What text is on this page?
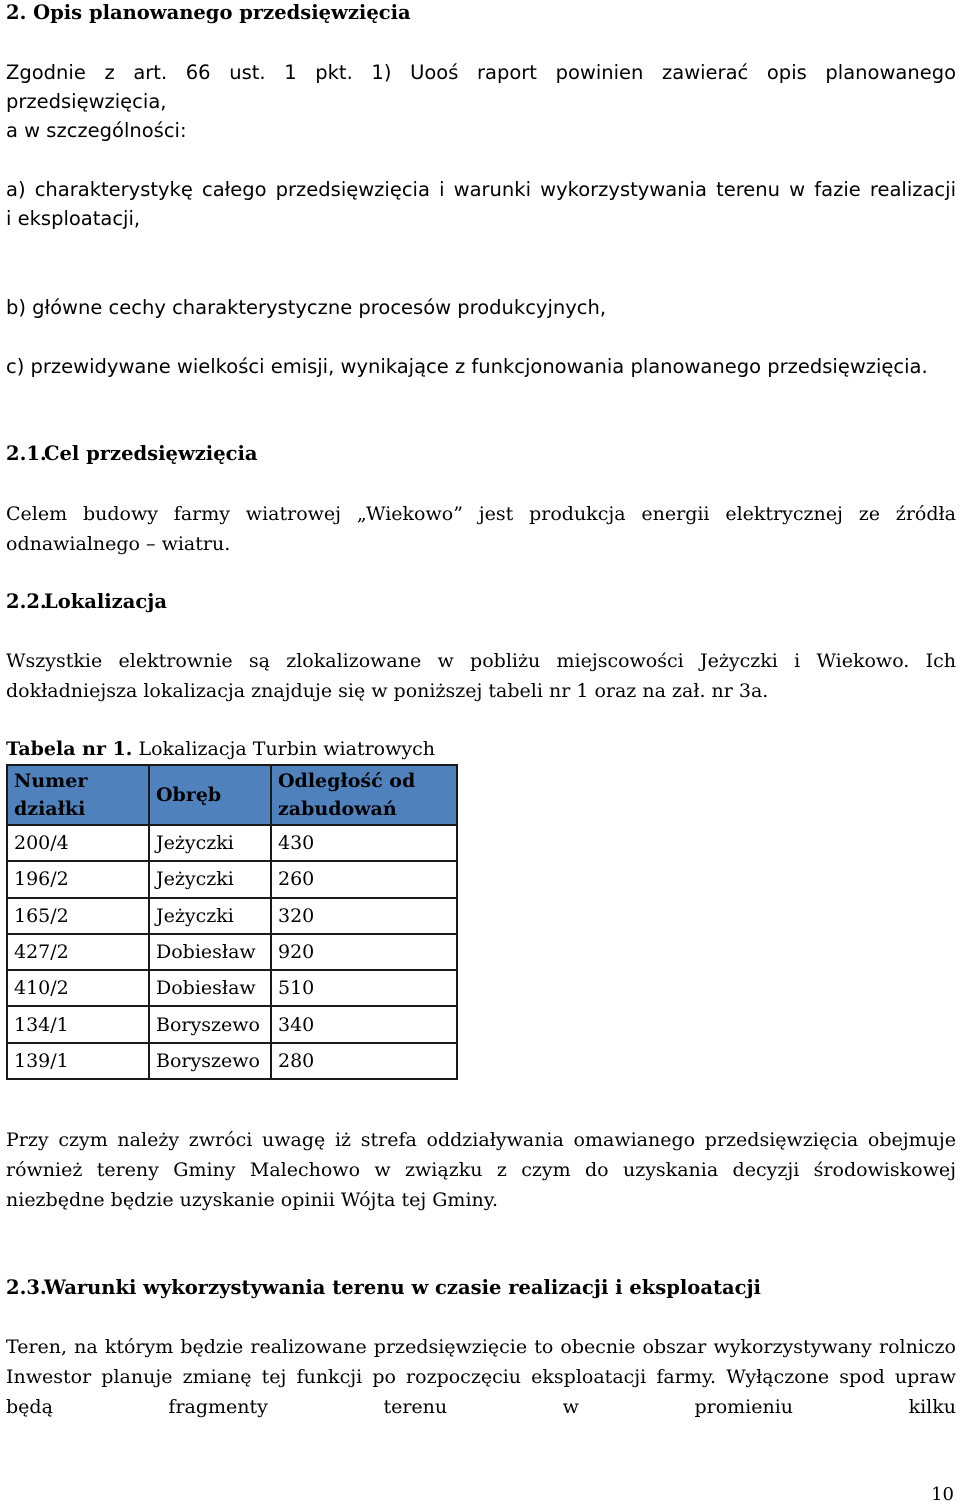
2. Opis planowanego przedsięwzięcia
Zgodnie z art. 66 ust. 1 pkt. 1) Uooś raport powinien zawierać opis planowanego przedsięwzięcia,
a w szczególności:
a) charakterystykę całego przedsięwzięcia i warunki wykorzystywania terenu w fazie realizacji
i eksploatacji,
b) główne cechy charakterystyczne procesów produkcyjnych,
c) przewidywane wielkości emisji, wynikające z funkcjonowania planowanego przedsięwzięcia.
2.1.Cel przedsięwzięcia
Celem budowy farmy wiatrowej „Wiekowo” jest produkcja energii elektrycznej ze źródła odnawialnego – wiatru.
2.2.Lokalizacja
Wszystkie elektrownie są zlokalizowane w pobliżu miejscowości Jeżyczki i Wiekowo. Ich dokładniejsza lokalizacja znajduje się w poniższej tabeli nr 1 oraz na zał. nr 3a.
Tabela nr 1. Lokalizacja Turbin wiatrowych
Numer działki	Obręb	Odległość od zabudowań
200/4	Jeżyczki	430
196/2	Jeżyczki	260
165/2	Jeżyczki	320
427/2	Dobiesław	920
410/2	Dobiesław	510
134/1	Boryszewo	340
139/1	Boryszewo	280
Przy czym należy zwróci uwagę iż strefa oddziaływania omawianego przedsięwzięcia obejmuje również tereny Gminy Malechowo w związku z czym do uzyskania decyzji środowiskowej niezbędne będzie uzyskanie opinii Wójta tej Gminy.
2.3.Warunki wykorzystywania terenu w czasie realizacji i eksploatacji
Teren, na którym będzie realizowane przedsięwzięcie to obecnie obszar wykorzystywany rolniczo Inwestor planuje zmianę tej funkcji po rozpoczęciu eksploatacji farmy. Wyłączone spod upraw będą fragmenty terenu w promieniu kilku
10
